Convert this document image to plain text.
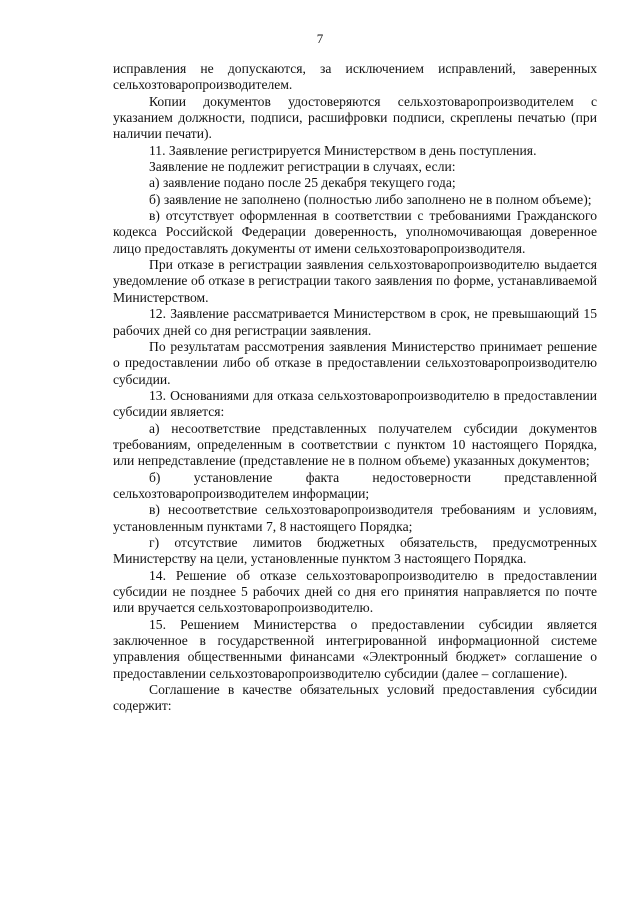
7

исправления не допускаются, за исключением исправлений, заверенных сельхозтоваропроизводителем.

Копии документов удостоверяются сельхозтоваропроизводителем с указанием должности, подписи, расшифровки подписи, скреплены печатью (при наличии печати).

11. Заявление регистрируется Министерством в день поступления.

Заявление не подлежит регистрации в случаях, если:

а) заявление подано после 25 декабря текущего года;

б) заявление не заполнено (полностью либо заполнено не в полном объеме);

в) отсутствует оформленная в соответствии с требованиями Гражданского кодекса Российской Федерации доверенность, уполномочивающая доверенное лицо предоставлять документы от имени сельхозтоваропроизводителя.

При отказе в регистрации заявления сельхозтоваропроизводителю выдается уведомление об отказе в регистрации такого заявления по форме, устанавливаемой Министерством.

12. Заявление рассматривается Министерством в срок, не превышающий 15 рабочих дней со дня регистрации заявления.

По результатам рассмотрения заявления Министерство принимает решение о предоставлении либо об отказе в предоставлении сельхозтоваропроизводителю субсидии.

13. Основаниями для отказа сельхозтоваропроизводителю в предоставлении субсидии является:

а) несоответствие представленных получателем субсидии документов требованиям, определенным в соответствии с пунктом 10 настоящего Порядка, или непредставление (представление не в полном объеме) указанных документов;

б) установление факта недостоверности представленной сельхозтоваропроизводителем информации;

в) несоответствие сельхозтоваропроизводителя требованиям и условиям, установленным пунктами 7, 8 настоящего Порядка;

г) отсутствие лимитов бюджетных обязательств, предусмотренных Министерству на цели, установленные пунктом 3 настоящего Порядка.

14. Решение об отказе сельхозтоваропроизводителю в предоставлении субсидии не позднее 5 рабочих дней со дня его принятия направляется по почте или вручается сельхозтоваропроизводителю.

15. Решением Министерства о предоставлении субсидии является заключенное в государственной интегрированной информационной системе управления общественными финансами «Электронный бюджет» соглашение о предоставлении сельхозтоваропроизводителю субсидии (далее – соглашение).

Соглашение в качестве обязательных условий предоставления субсидии содержит:
